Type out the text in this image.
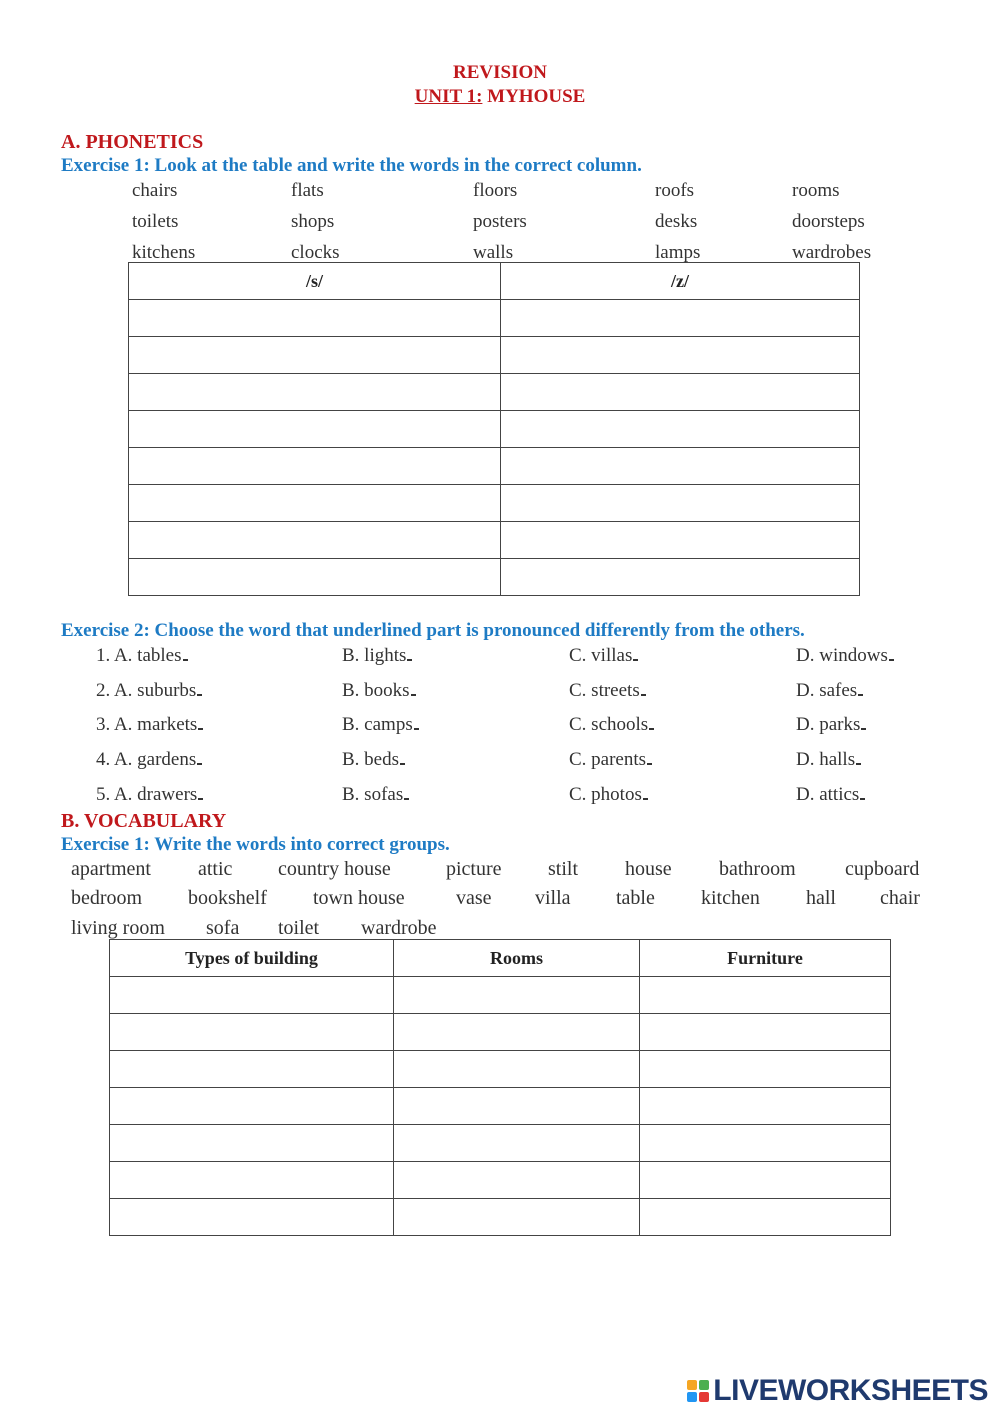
REVISION
UNIT 1: MYHOUSE
A. PHONETICS
Exercise 1: Look at the table and write the words in the correct column.
chairs	flats	floors	roofs	rooms
toilets	shops	posters	desks	doorsteps
kitchens	clocks	walls	lamps	wardrobes
/s/	/z/

Exercise 2: Choose the word that underlined part is pronounced differently from the others.
1. A. tables	B. lights	C. villas	D. windows
2. A. suburbs	B. books	C. streets	D. safes
3. A. markets	B. camps	C. schools	D. parks
4. A. gardens	B. beds	C. parents	D. halls
5. A. drawers	B. sofas	C. photos	D. attics
B. VOCABULARY
Exercise 1: Write the words into correct groups.
apartment attic country house	picture stilt house bathroom cupboard
bedroom bookshelf town house	vase villa table kitchen hall chair
living room sofa toilet wardrobe
Types of building	Rooms	Furniture

LIVEWORKSHEETS
